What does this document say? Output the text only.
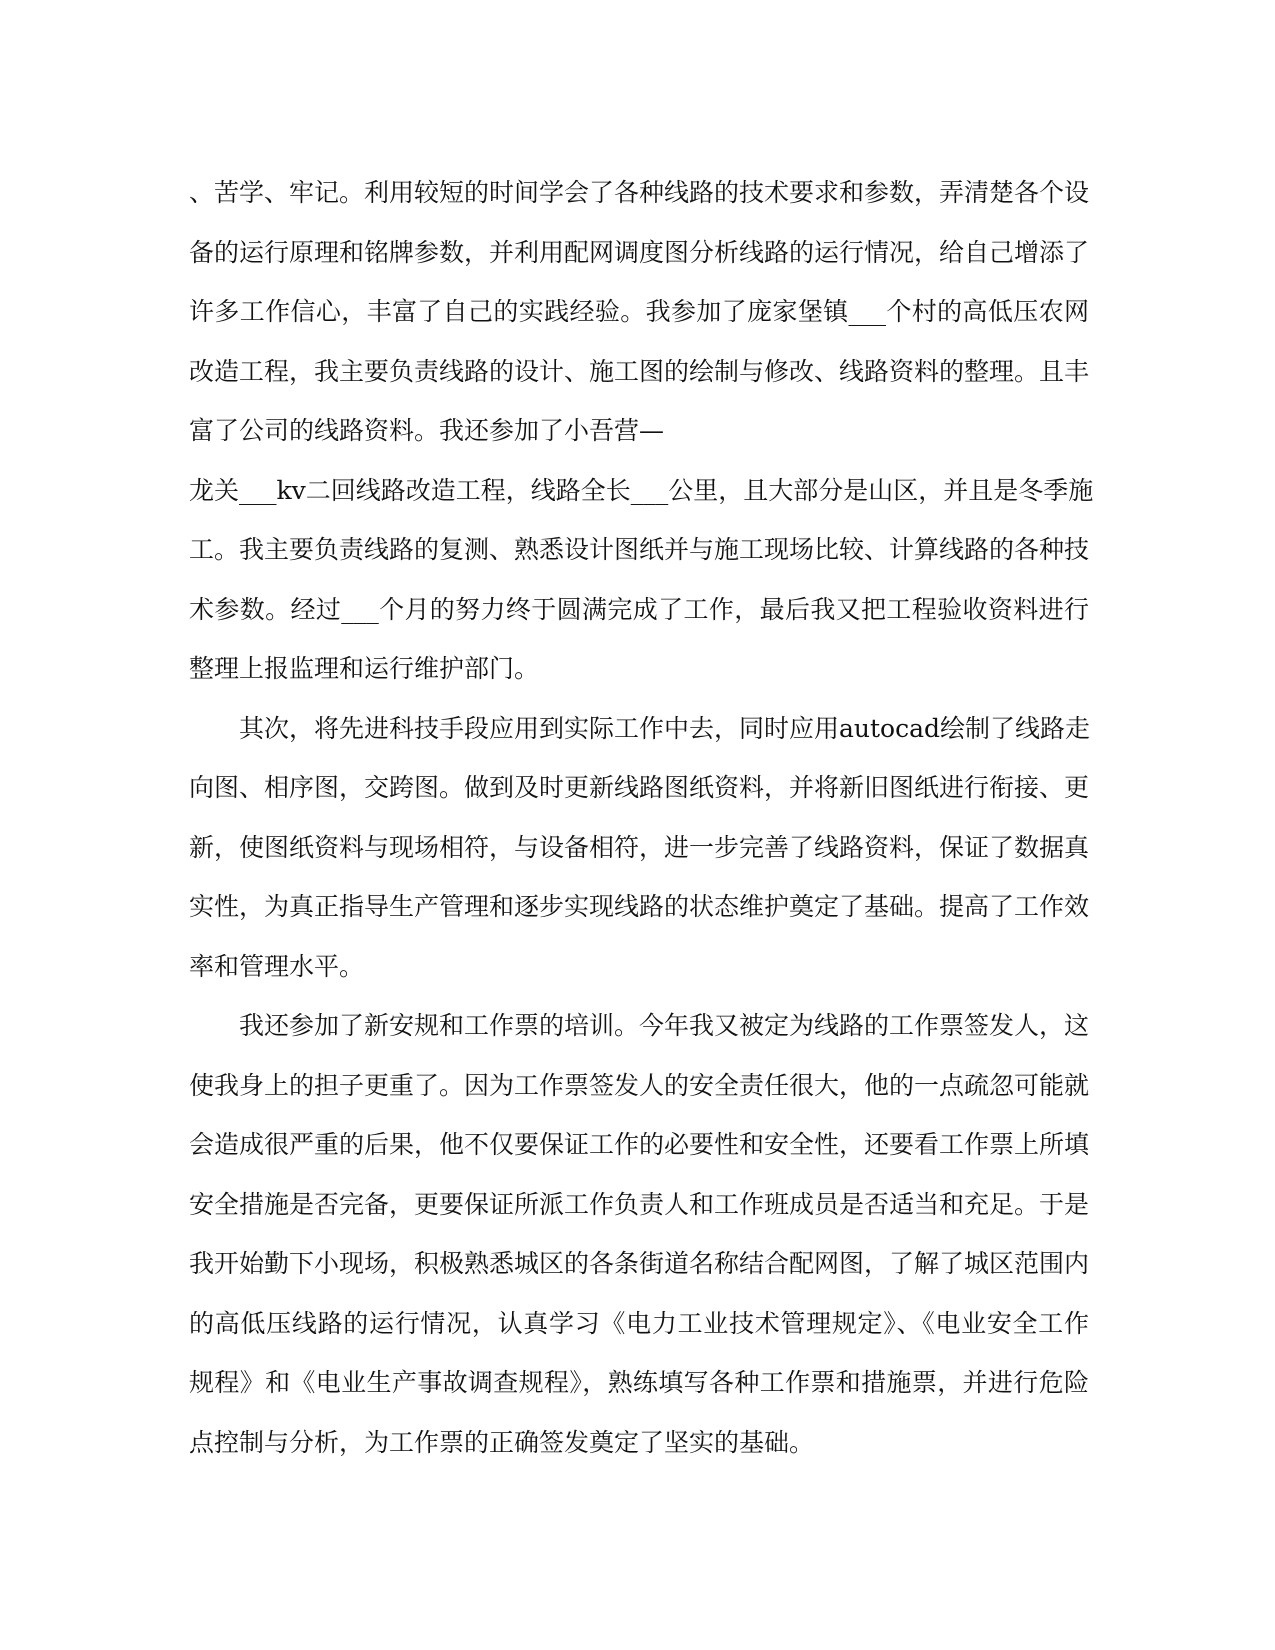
、苦学、牢记。利用较短的时间学会了各种线路的技术要求和参数，弄清楚各个设
备的运行原理和铭牌参数，并利用配网调度图分析线路的运行情况，给自己增添了
许多工作信心，丰富了自己的实践经验。我参加了庞家堡镇___个村的高低压农网
改造工程，我主要负责线路的设计、施工图的绘制与修改、线路资料的整理。且丰
富了公司的线路资料。我还参加了小吾营—
龙关___kv二回线路改造工程，线路全长___公里，且大部分是山区，并且是冬季施
工。我主要负责线路的复测、熟悉设计图纸并与施工现场比较、计算线路的各种技
术参数。经过___个月的努力终于圆满完成了工作，最后我又把工程验收资料进行
整理上报监理和运行维护部门。
其次，将先进科技手段应用到实际工作中去，同时应用autocad绘制了线路走
向图、相序图，交跨图。做到及时更新线路图纸资料，并将新旧图纸进行衔接、更
新，使图纸资料与现场相符，与设备相符，进一步完善了线路资料，保证了数据真
实性，为真正指导生产管理和逐步实现线路的状态维护奠定了基础。提高了工作效
率和管理水平。
我还参加了新安规和工作票的培训。今年我又被定为线路的工作票签发人，这
使我身上的担子更重了。因为工作票签发人的安全责任很大，他的一点疏忽可能就
会造成很严重的后果，他不仅要保证工作的必要性和安全性，还要看工作票上所填
安全措施是否完备，更要保证所派工作负责人和工作班成员是否适当和充足。于是
我开始勤下小现场，积极熟悉城区的各条街道名称结合配网图，了解了城区范围内
的高低压线路的运行情况，认真学习《电力工业技术管理规定》、《电业安全工作
规程》和《电业生产事故调查规程》，熟练填写各种工作票和措施票，并进行危险
点控制与分析，为工作票的正确签发奠定了坚实的基础。
